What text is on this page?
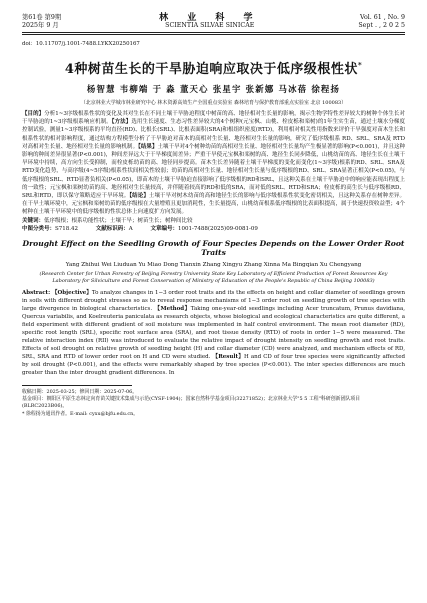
第61卷 第9期
2025年 9 月
林 业 科 学
SCIENTIA SILVAE SINICAE
Vol. 61 , No. 9
Sept . , 2 0 2 5
doi：10.11707/j.1001-7488.LYKX20250167
4种树苗生长的干旱胁迫响应取决于低序级根性状*
杨智慧 韦柳端 于 淼 董天心 张星宇 张新娜 马冰蓓 徐程扬
（北京林业大学城市林业研究中心 林木资源高效生产全国重点实验室 森林培育与保护教育部重点实验室 北京 100083）
【目的】分析1~3序级根系性状的变化及其对生长在不同土壤干旱胁迫程度中树苗的高、地径相对生长量的影响，揭示生物学特性差异较大的树种个体生长对干旱胁迫的1~3序级根系响应机制。【方法】选用生长速度、生态习性差异较大的4个树种(元宝枫、山桃、栓皮栎和栾树)的1年生实生苗，通过土壤水分梯度控制试验，测量1~3序级根系的平均直径(RD)、比根长(SRL)、比根表面积(SRA)和根组织密度(RTD)，利用相对相关性用指数来评价干旱强度对苗木生长和根系性状的相对影响程度，通过结构方程模型分析了干旱胁迫对苗木的高相对生长量、地径相对生长量的影响，研究了低序级根系 RD、SRL、SRA及 RTD对高相对生长量、地径相对生长量的影响机制。【结果】土壤干旱对4个树种幼苗的高相对生长量、地径相对生长量均产生极显著的影响(P<0.001)，并且这种影响的种间差异很显著(P<0.001)，种间差异远大于干旱梯度间差异；严重干旱使元宝枫和栾树的高、地径生长同步降低，山桃幼苗的高、地径生长在土壤干旱环境中持续，高方向生长受抑制，而栓皮栎幼苗的高、地径同步提高。苗木生长差异随着土壤干旱梯度的变化而变化(1~3序级)根系的RD、SRL、SRA及RTD变化趋势，与高序级(4~5序级)根系性状间相关性较弱；幼苗的高相对生长量、地径相对生长量与低序级根的RD、SRL、SRA显著正相关(P<0.05)，与低序级根的SRL、RTD显著负相关(P<0.05)，即苗木的土壤干旱胁迫直接影响了低序级根的RD和SRL，且这种关系在土壤干旱胁迫中的响应能表现出程度上的一致性；元宝枫和栾树幼苗的高、地径相对生长量较高，并伴随着较高的RD和低的SRA，而对低的SRL、RTD和SRA；栓皮栎的高生长与低序级根RD、SRL和RTD，即以保守策略适应干旱环境。【结论】土壤干旱对树木幼苗的高和地径生长的影响与低序级根系性状变化密切相关，且这种关系存在树种差异。在干旱土壤环境中，元宝枫和栾树幼苗的低序级根在大量增殖且更加消耗性，生长量提高，山桃幼苗根系低序级根的比表面积提高，属于快速投资收益型；4个树种在土壤干旱环境中的低序级根的性状总体上向速度扩方向发展。
关键词：低序级根；根系功能性状；土壤干旱；树苗生长；树种间比较
中图分类号：S718.42	文献标识码：A	文章编号：1001-7488(2025)09-0081-09
Drought Effect on the Seedling Growth of Four Species Depends on the Lower Order Root Traits
Yang Zhihui Wei Liuduan Yu Miao Dong Tianxin Zhang Xingyu Zhang Xinna Ma Bingqian Xu Chengyang
(Research Center for Urban Forestry of Beijing Forestry University State Key Laboratory of Efficient Production of Forest Resources Key Laboratory for Silviculture and Forest Conservation of Ministry of Education of the People's Republic of China Beijing 100083)
Abstract: 【Objective】To analyze changes in 1−3 order root traits and its the effects on height and collar diameter of seedlings grown in soils with different drought stresses so as to reveal response mechanisms of 1−3 order root on seedling growth of tree species with large divergence in biological characteristics. 【Method】Taking one-year-old seedlings including Acer truncatum, Prunus davidiana, Quercus variabilis, and Koelreuteria paniculata as research objects, whose biological and ecological characteristics are quite different, a field experiment with different gradient of soil moisture was implemented in half control environment. The mean root diameter (RD), specific root length (SRL), specific root surface area (SRA), and root tissue density (RTD) of roots in order 1−5 were measured. The relative interaction index (RII) was introduced to evaluate the relative impact of drought intensity on seedling growth and root traits. Effects of soil drought on relative growth of seedling height (H) and collar diameter (CD) were analyzed, and mechanism effects of RD, SRL, SRA and RTD of lower order root on H and CD were studied. 【Result】H and CD of four tree species were significantly affected by soil drought (P<0.001), and the effects were remarkably shaped by tree species (P<0.001). The inter species differences are much greater than the inter drought gradient differences. In
收稿日期：2025-03-25；修回日期：2025-07-06。
基金项目：朝阳区平原生态林定向育苗关键技术集成与示范(CYSF-1904)；国家自然科学基金项目(32271852)；北京林业大学"5 5 工程"科研创新团队项目(BLRC2023B06)。
* 徐程扬为通讯作者。E-mail: cyxu@bjfu.edu.cn。
